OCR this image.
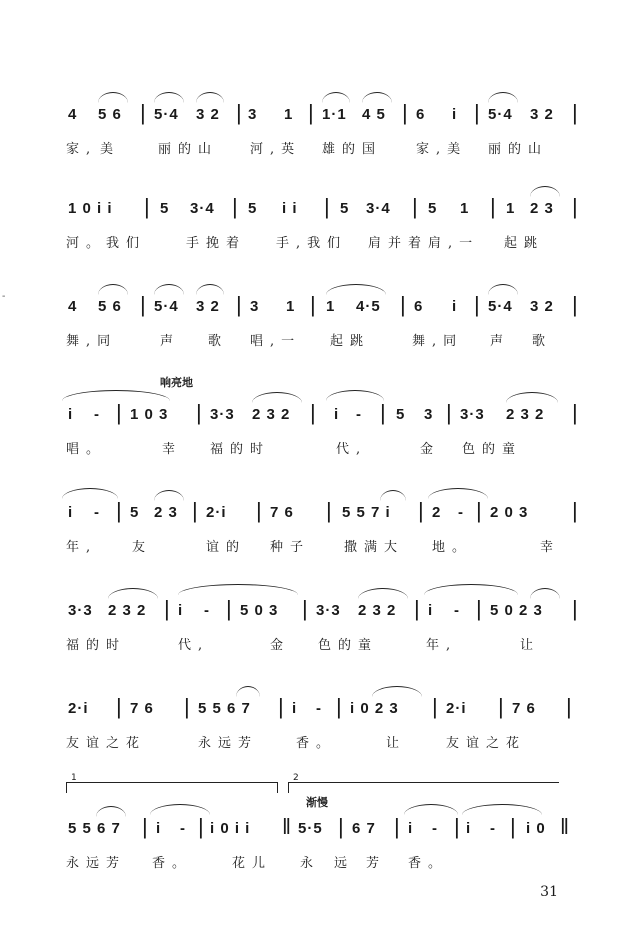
4 5 6 | 5·4 3 2 | 3 1 | 1·1 4 5 | 6 i | 5·4 3 2 |
家, 美	丽的山 河,英 雄的国	家,美 丽的山
1 0 i i | 5 3·4 | 5 i i | 5 3·4 | 5 1 | 1 2 3 |
河。我们	手挽着 手,我们 肩并着 肩,一 起跳
4 5 6 | 5·4 3 2 | 3 1 | 1 4·5 | 6 i | 5·4 3 2 |
舞,同	声 歌 唱,一 起跳	舞,同 声 歌
响亮地
i - | 1 0 3 | 3·3 2 3 2 | i - | 5 3 | 3·3 2 3 2 |
唱。	幸 福的时	代,	金 色的童
i - | 5 2 3 | 2·i | 7 6 | 5 5 7 i | 2 - | 2 0 3 |
年,	友	谊的 种子	撒满大 地。	幸
3·3 2 3 2 | i - | 5 0 3 | 3·3 2 3 2 | i - | 5 0 2 3 |
福的时	代,	金 色的童	年,	让
2·i | 7 6 | 5 5 6 7 | i - | i 0 2 3 | 2·i | 7 6 |
友谊之花	永远芳	香。	让	友谊之花
1	2
渐慢
5 5 6 7 | i - | i 0 i i ‖ 5·5 | 6 7 | i - | i - | i 0 ‖
永远芳 香。	花儿 永 远 芳 香。
-
31
